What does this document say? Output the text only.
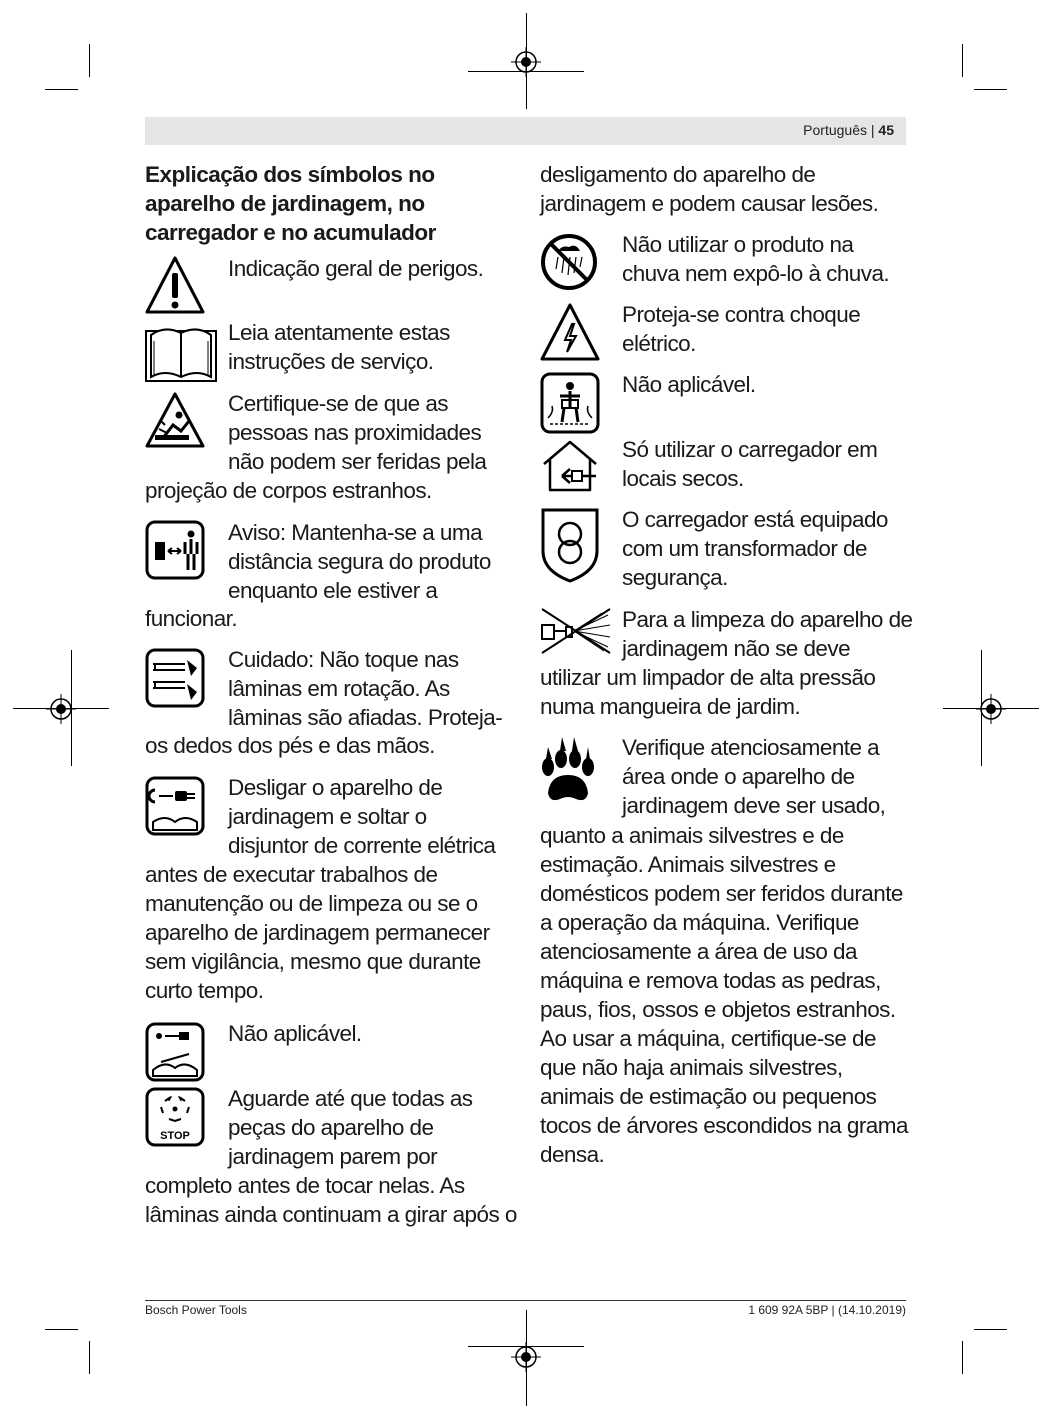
Português | 45
Explicação dos símbolos no aparelho de jardinagem, no carregador e no acumulador
Indicação geral de perigos.
Leia atentamente estas instruções de serviço.
Certifique-se de que as
pessoas nas proximidades
não podem ser feridas pela
projeção de corpos estranhos.
Aviso: Mantenha-se a uma
distância segura do produto
enquanto ele estiver a
funcionar.
Cuidado: Não toque nas
lâminas em rotação. As
lâminas são afiadas. Proteja-
os dedos dos pés e das mãos.
Desligar o aparelho de
jardinagem e soltar o
disjuntor de corrente elétrica
antes de executar trabalhos de
manutenção ou de limpeza ou se o
aparelho de jardinagem permanecer
sem vigilância, mesmo que durante
curto tempo.
Não aplicável.
STOP
Aguarde até que todas as
peças do aparelho de
jardinagem parem por
completo antes de tocar nelas. As
lâminas ainda continuam a girar após o
desligamento do aparelho de
jardinagem e podem causar lesões.
Não utilizar o produto na
chuva nem expô-lo à chuva.
Proteja-se contra choque
elétrico.
Não aplicável.
Só utilizar o carregador em
locais secos.
O carregador está equipado
com um transformador de
segurança.
Para a limpeza do aparelho de
jardinagem não se deve
utilizar um limpador de alta pressão
numa mangueira de jardim.
Verifique atenciosamente a
área onde o aparelho de
jardinagem deve ser usado,
quanto a animais silvestres e de
estimação. Animais silvestres e
domésticos podem ser feridos durante
a operação da máquina. Verifique
atenciosamente a área de uso da
máquina e remova todas as pedras,
paus, fios, ossos e objetos estranhos.
Ao usar a máquina, certifique-se de
que não haja animais silvestres,
animais de estimação ou pequenos
tocos de árvores escondidos na grama
densa.
Bosch Power Tools	1 609 92A 5BP | (14.10.2019)
